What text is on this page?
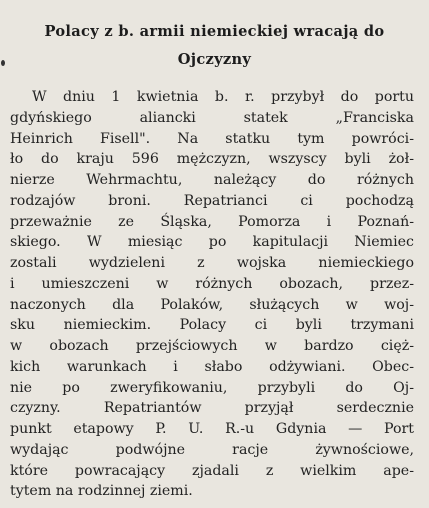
Polacy z b. armii niemieckiej wracają do
Ojczyzny
W dniu 1 kwietnia b. r. przybył do portu
gdyńskiego aliancki statek „Franciska
Heinrich Fisell". Na statku tym powróci-
ło do kraju 596 mężczyzn, wszyscy byli żoł-
nierze Wehrmachtu, należący do różnych
rodzajów broni. Repatrianci ci pochodzą
przeważnie ze Śląska, Pomorza i Poznań-
skiego. W miesiąc po kapitulacji Niemiec
zostali wydzieleni z wojska niemieckiego
i umieszczeni w różnych obozach, przez-
naczonych dla Polaków, służących w woj-
sku niemieckim. Polacy ci byli trzymani
w obozach przejściowych w bardzo cięż-
kich warunkach i słabo odżywiani. Obec-
nie po zweryfikowaniu, przybyli do Oj-
czyzny. Repatriantów przyjął serdecznie
punkt etapowy P. U. R.-u Gdynia — Port
wydając podwójne racje żywnościowe,
które powracający zjadali z wielkim ape-
tytem na rodzinnej ziemi.
